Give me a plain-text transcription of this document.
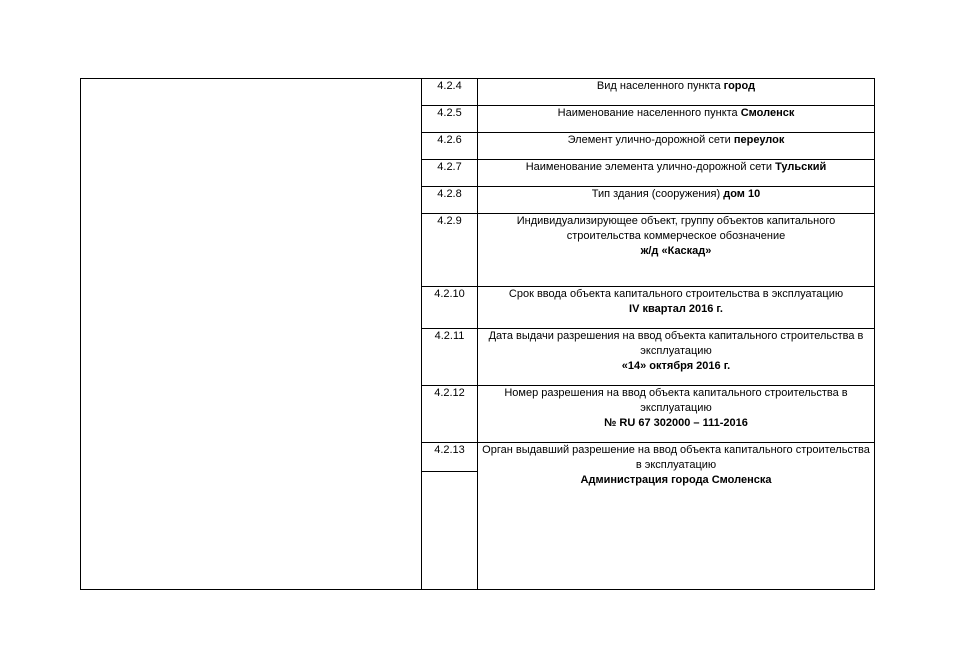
	4.2.4	Вид населенного пункта город
	4.2.5	Наименование населенного пункта Смоленск
	4.2.6	Элемент улично-дорожной сети переулок
	4.2.7	Наименование элемента улично-дорожной сети Тульский
	4.2.8	Тип здания (сооружения) дом 10
	4.2.9	Индивидуализирующее объект, группу объектов капитального строительства коммерческое обозначение
ж/д «Каскад»
	4.2.10	Срок ввода объекта капитального строительства в эксплуатацию
IV квартал 2016 г.
	4.2.11	Дата выдачи разрешения на ввод объекта капитального строительства в эксплуатацию
«14» октября 2016 г.
	4.2.12	Номер разрешения на ввод объекта капитального строительства в эксплуатацию
№ RU 67 302000 – 111-2016
	4.2.13	Орган выдавший разрешение на ввод объекта капитального строительства в эксплуатацию
Администрация города Смоленска
